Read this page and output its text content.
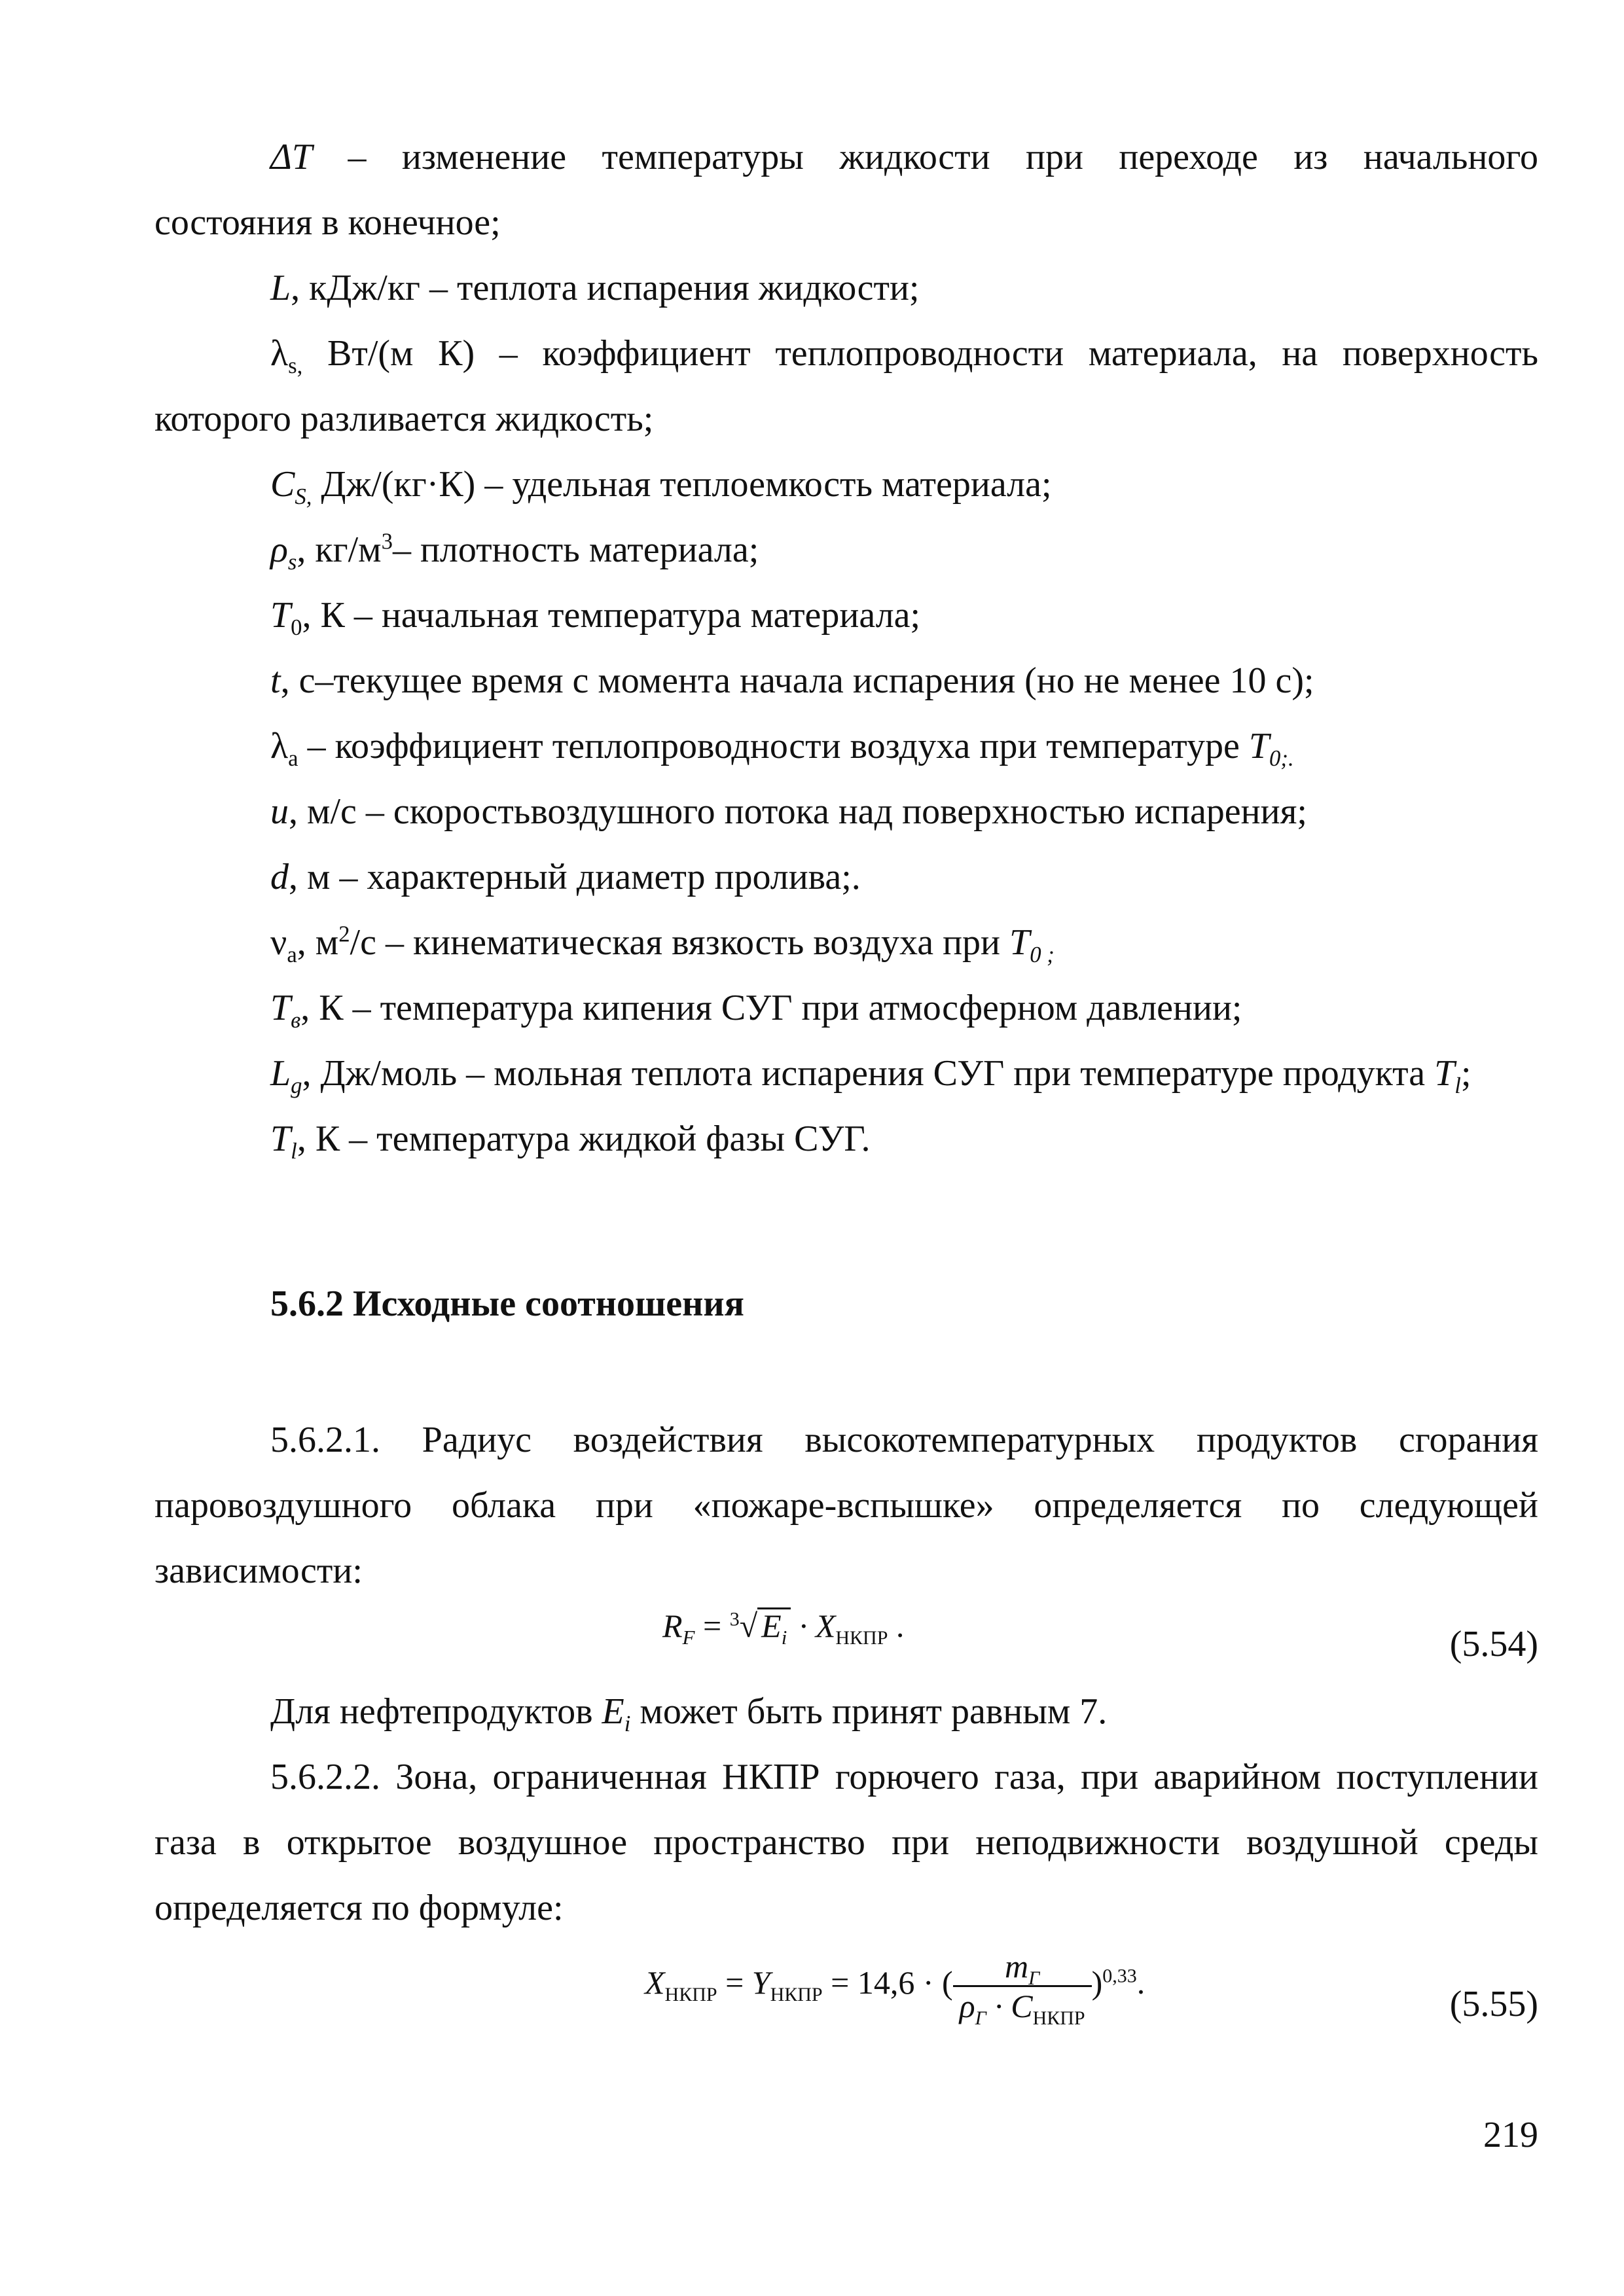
ΔT – изменение температуры жидкости при переходе из начального

состояния в конечное;

L, кДж/кг – теплота испарения жидкости;

$\lambda_{s,}$ Вт/(м К) – коэффициент теплопроводности материала, на поверхность

которого разливается жидкость;

$C_{S,}$ Дж/(кг·К) – удельная теплоемкость материала;

$\rho_s$, $кг/м^3-$ плотность материала;

$T_0$, К – начальная температура материала;

t, с–текущее время с момента начала испарения (но не менее 10 с);

$\lambda_a$ – коэффициент теплопроводности воздуха при температуре $T_{0;.}$

u, м/с – скоростьвоздушного потока над поверхностью испарения;

d, м – характерный диаметр пролива;.

$\nu_a$, $м^2/с$ – кинематическая вязкость воздуха при $T_{0 ;}$

$T_в$, К – температура кипения СУГ при атмосферном давлении;

$L_g$, Дж/моль – мольная теплота испарения СУГ при температуре продукта $T_l$;

$T_l$, К – температура жидкой фазы СУГ.

5.6.2 Исходные соотношения

5.6.2.1. Радиус воздействия высокотемпературных продуктов сгорания

паровоздушного облака при «пожаре-вспышке» определяется по следующей

зависимости:

$R_F = ^3√$ $E_i \cdot X_{НКПР}$ .	(5.54)

Для нефтепродуктов $E_i$ может быть принят равным 7.

5.6.2.2. Зона, ограниченная НКПР горючего газа, при аварийном поступлении

газа в открытое воздушное пространство при неподвижности воздушной среды

определяется по формуле:

$X_{НКПР} = Y_{НКПР} = 14,6$ · ( $\frac{m_Г}{\rho_Г \cdot C_{НКПР}} )^{0,33}$.
(5.55)
219
